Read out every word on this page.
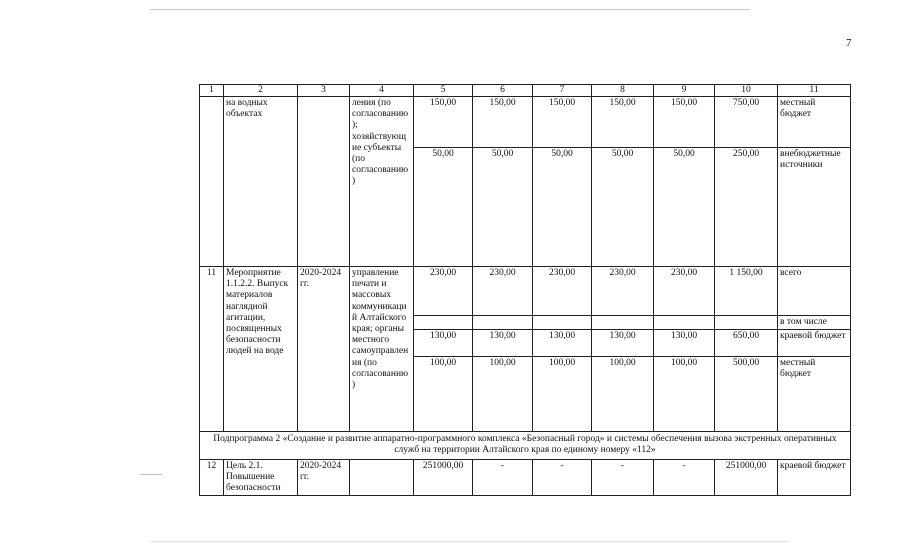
7
1	2	3	4	5	6	7	8	9	10	11
	на водных объектах		ления (по согласованию); хозяйствующие субъекты (по согласованию)	150,00	150,00	150,00	150,00	150,00	750,00	местный бюджет
				50,00	50,00	50,00	50,00	50,00	250,00	внебюджетные источники
11	Мероприятие 1.1.2.2. Выпуск материалов наглядной агитации, посвященных безопасности людей на воде	2020-2024 гг.	управление печати и массовых коммуникаций Алтайского края; органы местного самоуправления (по согласованию)	230,00	230,00	230,00	230,00	230,00	1 150,00	всего
										в том числе
				130,00	130,00	130,00	130,00	130,00	650,00	краевой бюджет
				100,00	100,00	100,00	100,00	100,00	500,00	местный бюджет
Подпрограмма 2 «Создание и развитие аппаратно-программного комплекса «Безопасный город» и системы обеспечения вызова экстренных оперативных служб на территории Алтайского края по единому номеру «112»										
12	Цель 2.1. Повышение безопасности	2020-2024 гг.		251000,00	-	-	-	-	251000,00	краевой бюджет
